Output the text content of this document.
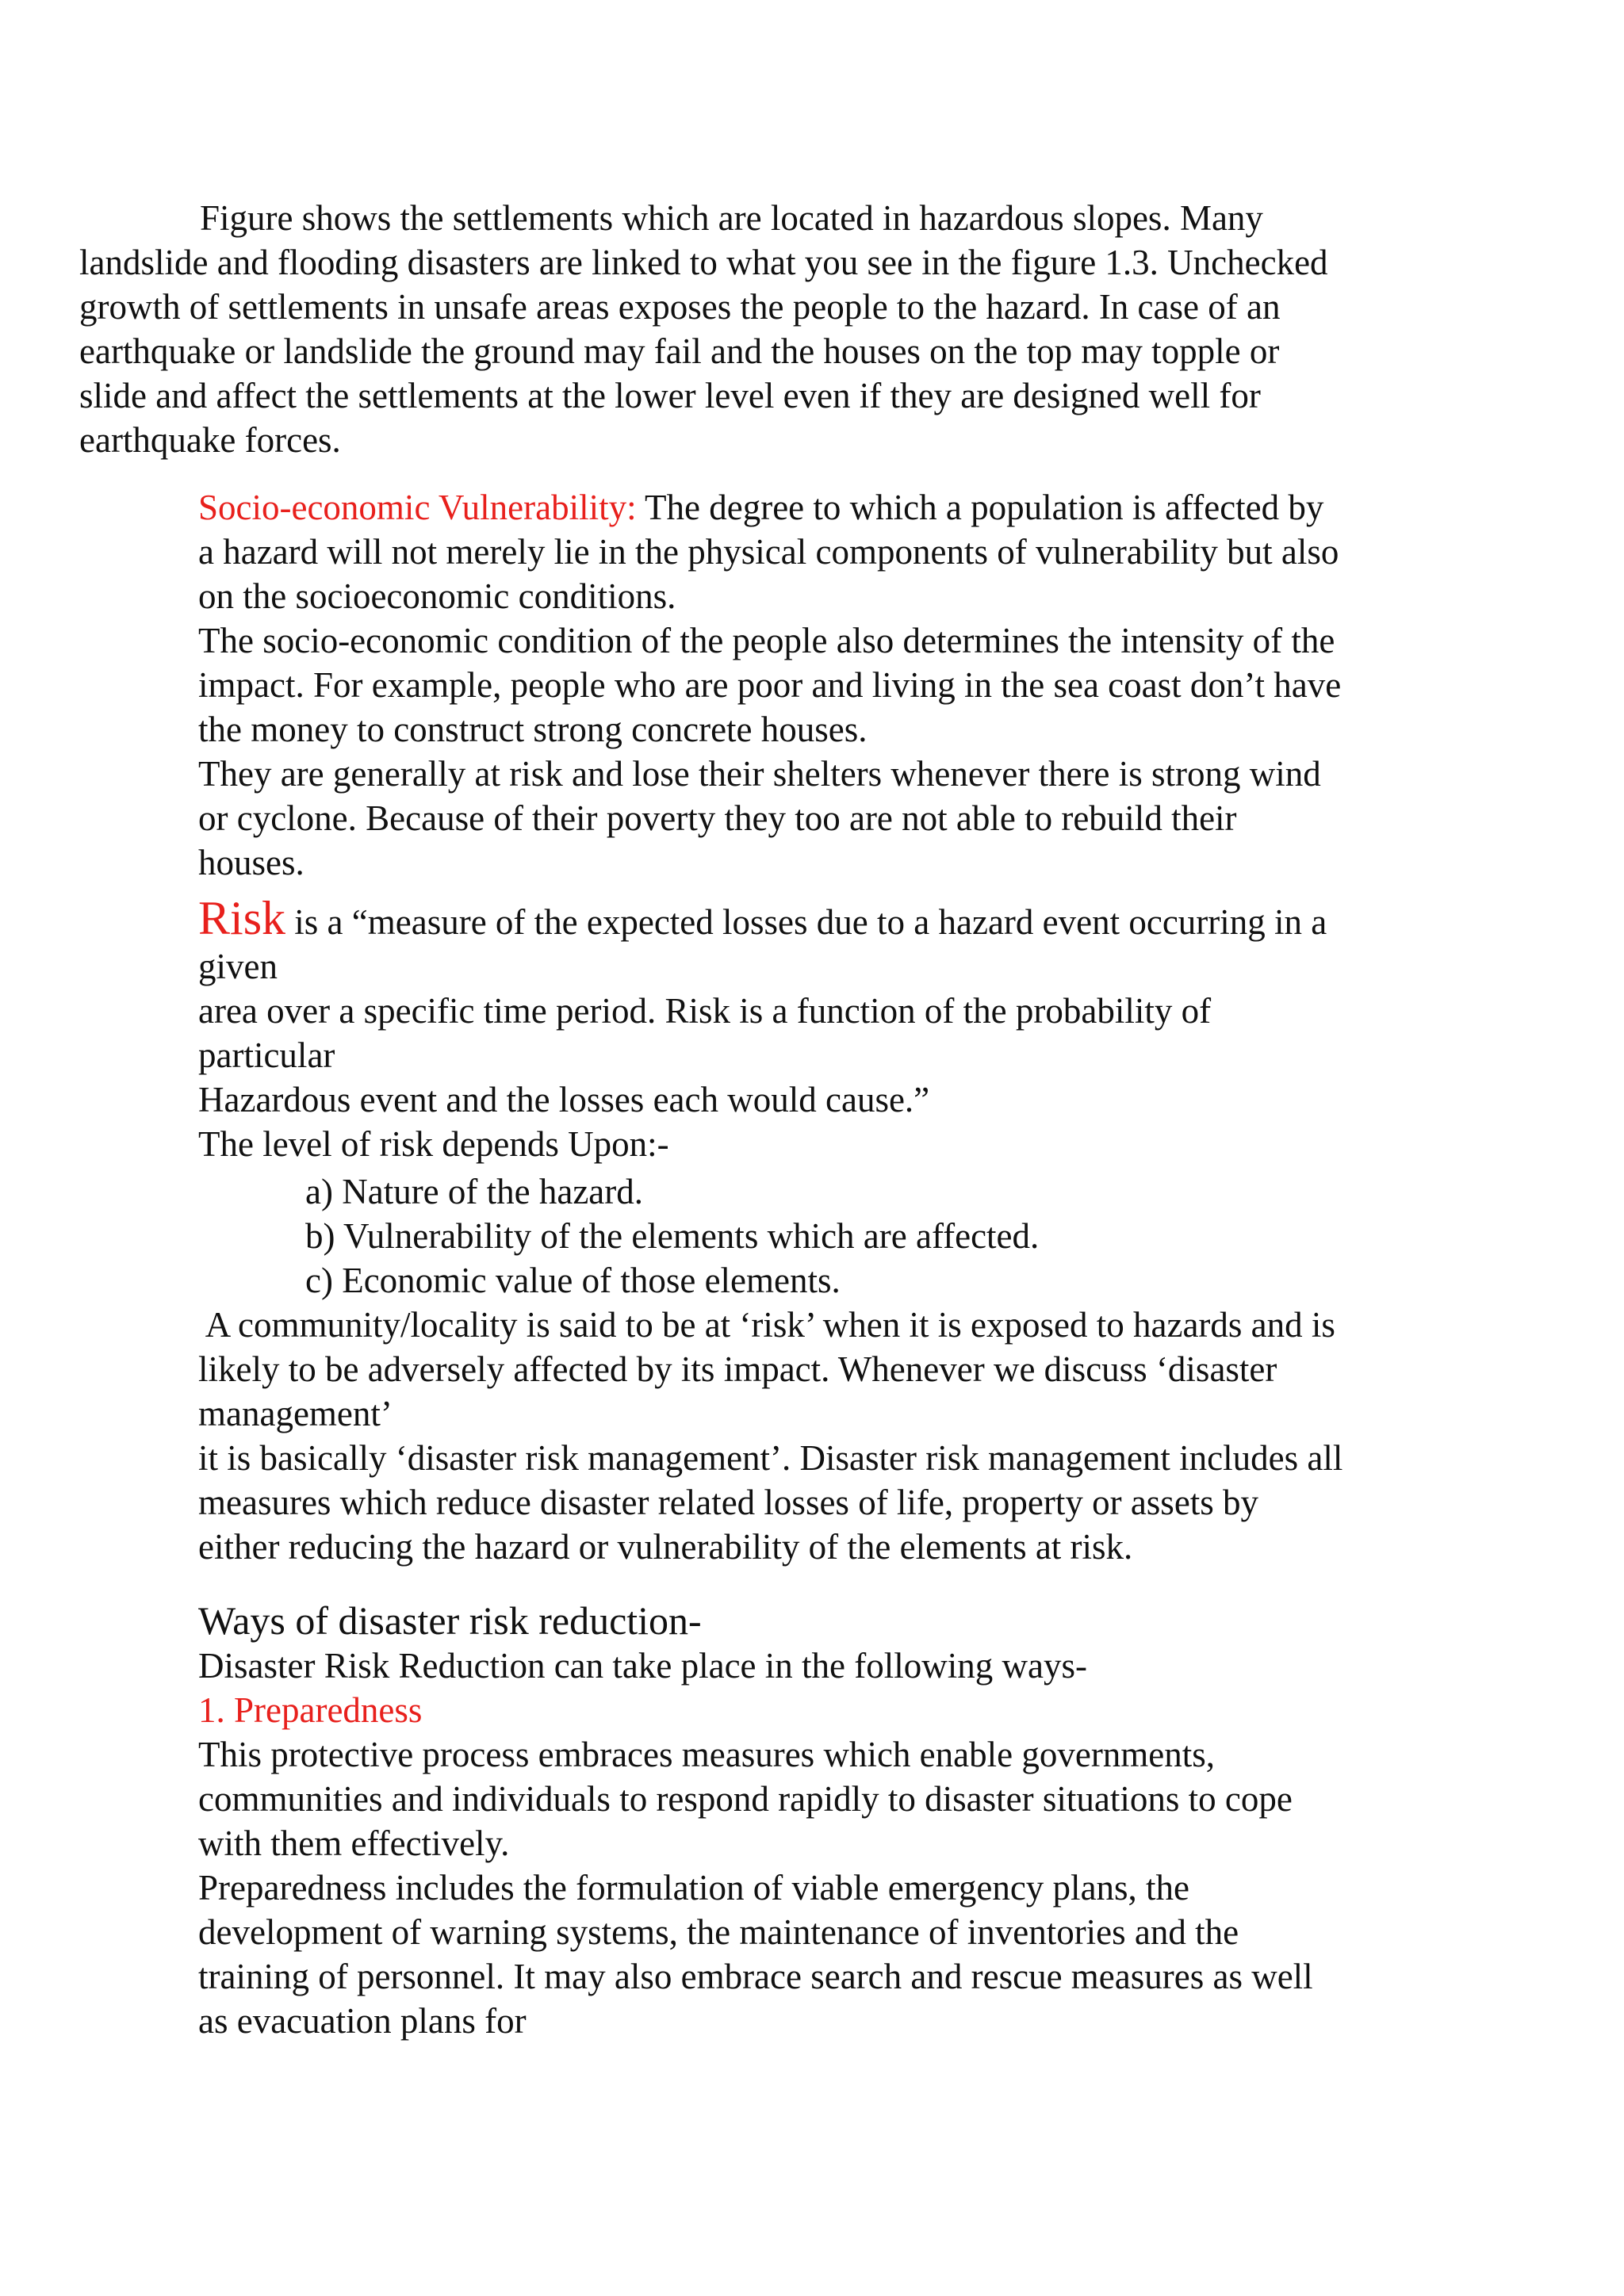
Figure shows the settlements which are located in hazardous slopes. Many
landslide and flooding disasters are linked to what you see in the figure 1.3. Unchecked
growth of settlements in unsafe areas exposes the people to the hazard. In case of an
earthquake or landslide the ground may fail and the houses on the top may topple or
slide and affect the settlements at the lower level even if they are designed well for
earthquake forces.
Socio-economic Vulnerability: The degree to which a population is affected by
a hazard will not merely lie in the physical components of vulnerability but also
on the socioeconomic conditions.
The socio-economic condition of the people also determines the intensity of the
impact. For example, people who are poor and living in the sea coast don’t have
the money to construct strong concrete houses.
They are generally at risk and lose their shelters whenever there is strong wind
or cyclone. Because of their poverty they too are not able to rebuild their
houses.
Risk is a “measure of the expected losses due to a hazard event occurring in a
given
area over a specific time period. Risk is a function of the probability of
particular
Hazardous event and the losses each would cause.”
The level of risk depends Upon:-
a) Nature of the hazard.
b) Vulnerability of the elements which are affected.
c) Economic value of those elements.
A community/locality is said to be at ‘risk’ when it is exposed to hazards and is
likely to be adversely affected by its impact. Whenever we discuss ‘disaster
management’
it is basically ‘disaster risk management’. Disaster risk management includes all
measures which reduce disaster related losses of life, property or assets by
either reducing the hazard or vulnerability of the elements at risk.
Ways of disaster risk reduction-
Disaster Risk Reduction can take place in the following ways-
1. Preparedness
This protective process embraces measures which enable governments,
communities and individuals to respond rapidly to disaster situations to cope
with them effectively.
Preparedness includes the formulation of viable emergency plans, the
development of warning systems, the maintenance of inventories and the
training of personnel. It may also embrace search and rescue measures as well
as evacuation plans for
